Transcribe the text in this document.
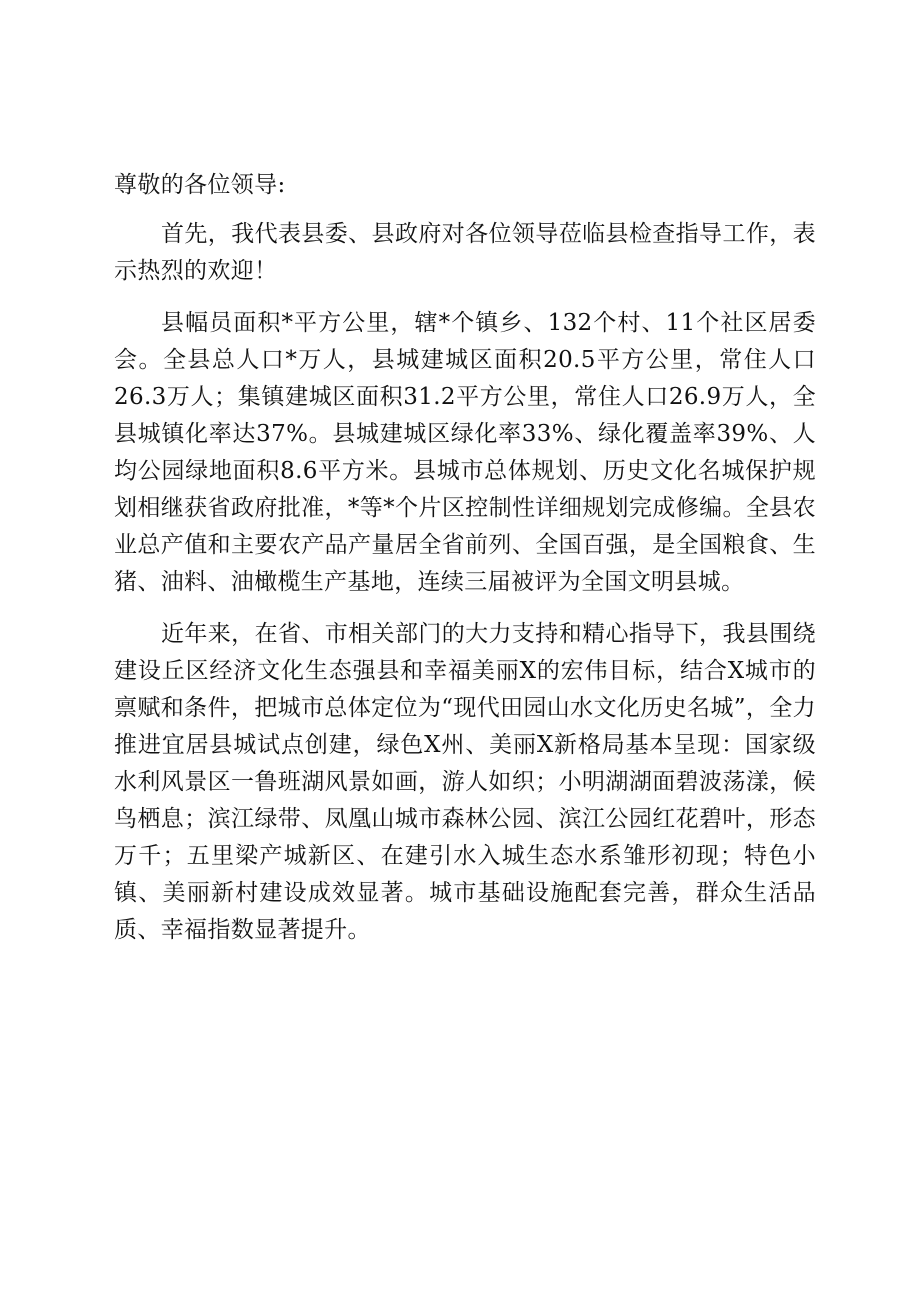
尊敬的各位领导:

首先，我代表县委、县政府对各位领导莅临县检查指导工作，表示热烈的欢迎！

县幅员面积*平方公里，辖*个镇乡、132个村、11个社区居委会。全县总人口*万人，县城建城区面积20.5平方公里，常住人口26.3万人；集镇建城区面积31.2平方公里，常住人口26.9万人，全县城镇化率达37%。县城建城区绿化率33%、绿化覆盖率39%、人均公园绿地面积8.6平方米。县城市总体规划、历史文化名城保护规划相继获省政府批准，*等*个片区控制性详细规划完成修编。全县农业总产值和主要农产品产量居全省前列、全国百强，是全国粮食、生猪、油料、油橄榄生产基地，连续三届被评为全国文明县城。

近年来，在省、市相关部门的大力支持和精心指导下，我县围绕建设丘区经济文化生态强县和幸福美丽X的宏伟目标，结合X城市的禀赋和条件，把城市总体定位为“现代田园山水文化历史名城”，全力推进宜居县城试点创建，绿色X州、美丽X新格局基本呈现：国家级水利风景区一鲁班湖风景如画，游人如织；小明湖湖面碧波荡漾，候鸟栖息；滨江绿带、凤凰山城市森林公园、滨江公园红花碧叶，形态万千；五里梁产城新区、在建引水入城生态水系雏形初现；特色小镇、美丽新村建设成效显著。城市基础设施配套完善，群众生活品质、幸福指数显著提升。
